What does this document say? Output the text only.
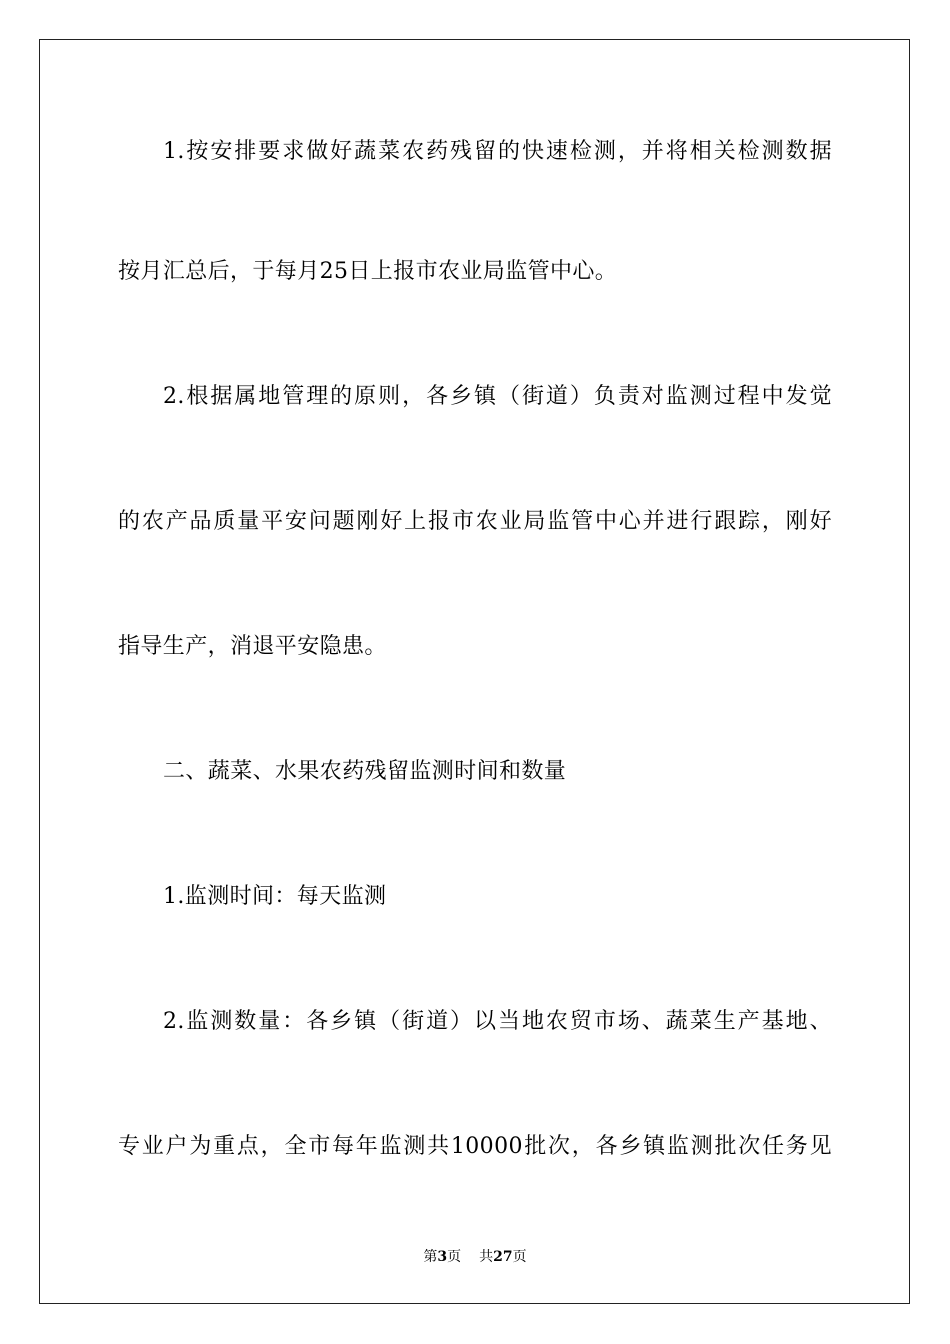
1.按安排要求做好蔬菜农药残留的快速检测，并将相关检测数据
按月汇总后，于每月25日上报市农业局监管中心。
2.根据属地管理的原则，各乡镇（街道）负责对监测过程中发觉
的农产品质量平安问题刚好上报市农业局监管中心并进行跟踪，刚好
指导生产，消退平安隐患。
二、蔬菜、水果农药残留监测时间和数量
1.监测时间：每天监测
2.监测数量：各乡镇（街道）以当地农贸市场、蔬菜生产基地、
专业户为重点，全市每年监测共10000批次，各乡镇监测批次任务见
第3页 共27页
